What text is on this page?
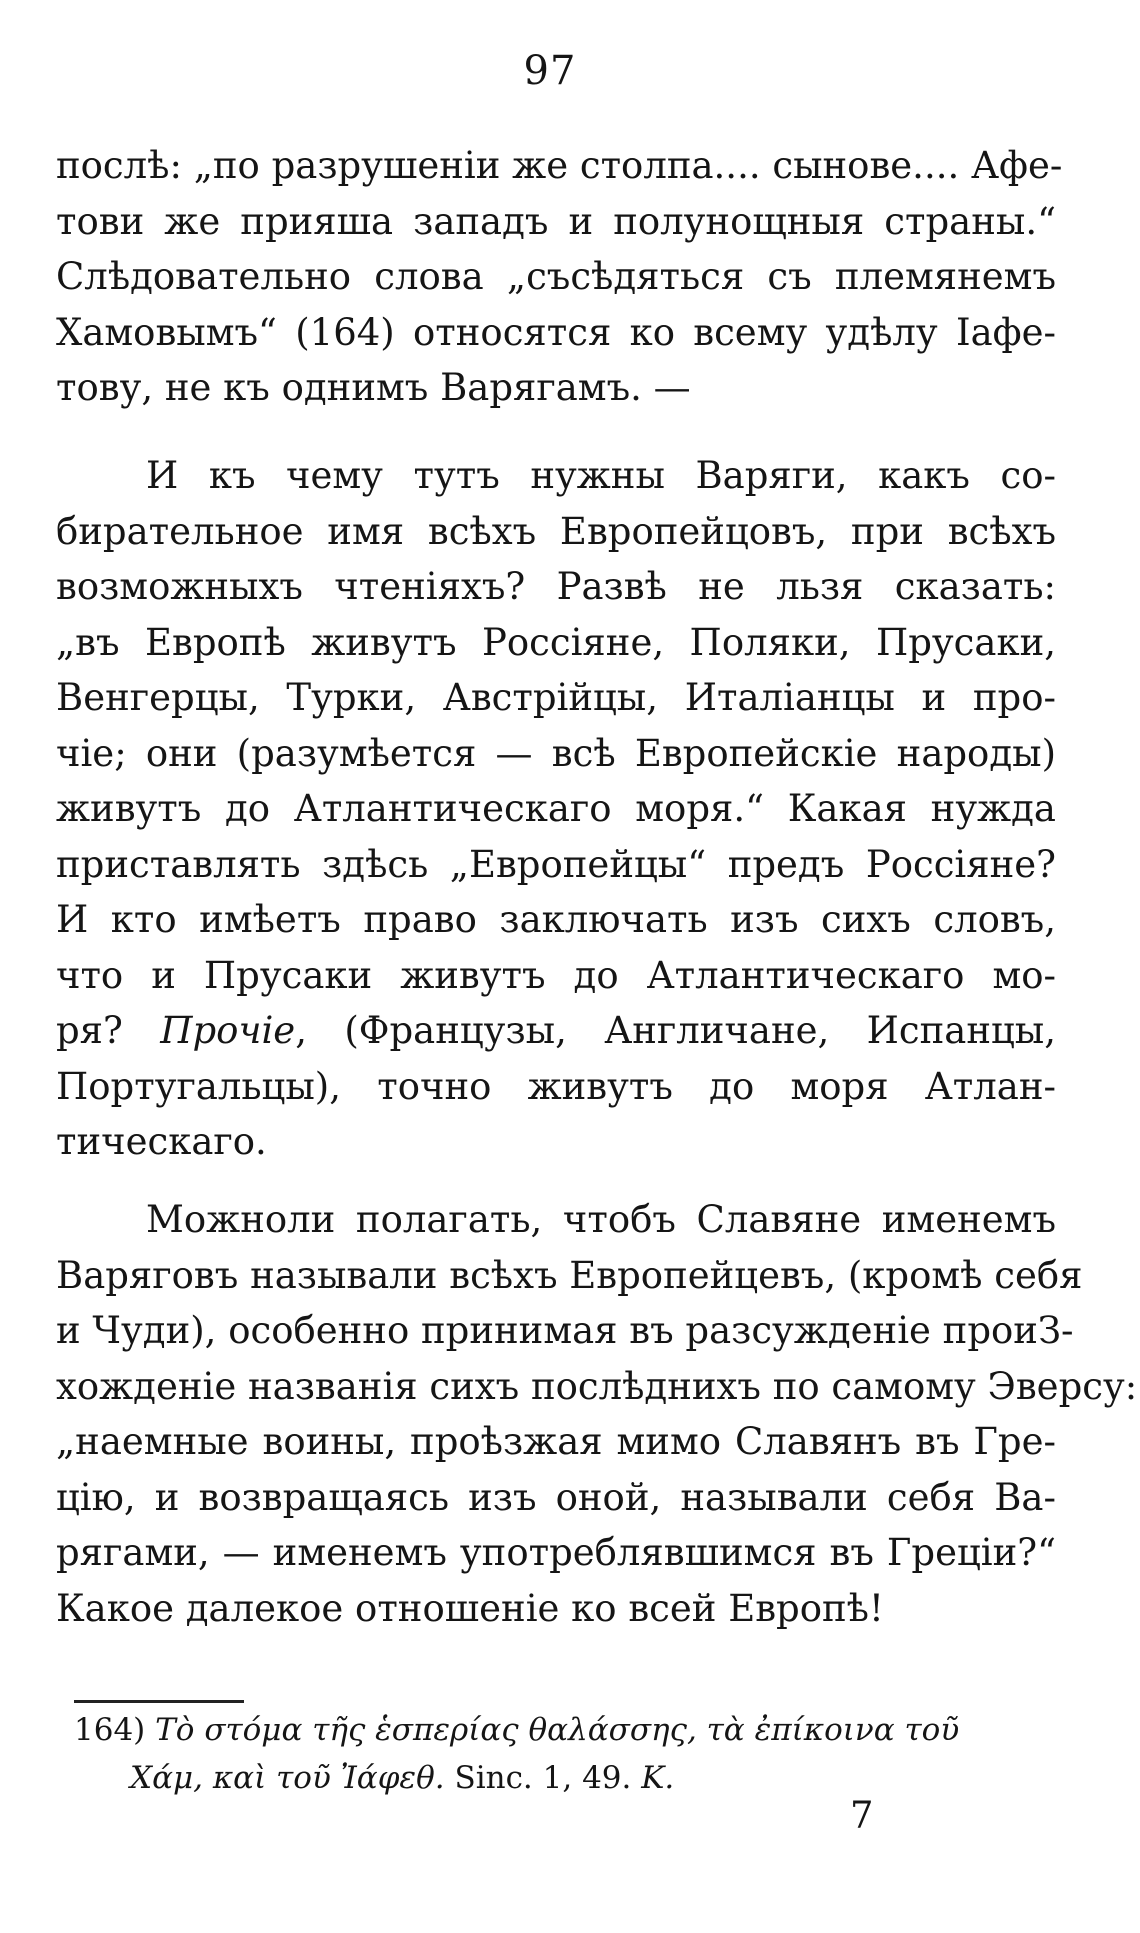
97
послѣ: „по разрушеніи же столпа.... сынове.... Афе-
тови же прияша западъ и полунощныя страны.“
Слѣдовательно слова „съсѣдяться съ племянемъ
Хамовымъ“ (164) относятся ко всему удѣлу Іафе-
тову, не къ однимъ Варягамъ. —
И къ чему тутъ нужны Варяги, какъ со-
бирательное имя всѣхъ Европейцовъ, при всѣхъ
возможныхъ чтеніяхъ? Развѣ не льзя сказать:
„въ Европѣ живутъ Россіяне, Поляки, Прусаки,
Венгерцы, Турки, Австрійцы, Италіанцы и про-
чіе; они (разумѣется — всѣ Европейскіе народы)
живутъ до Атлантическаго моря.“ Какая нужда
приставлять здѣсь „Европейцы“ предъ Россіяне?
И кто имѣетъ право заключать изъ сихъ словъ,
что и Прусаки живутъ до Атлантическаго мо-
ря? Прочіе, (Французы, Англичане, Испанцы,
Португальцы), точно живутъ до моря Атлан-
тическаго.
Можноли полагать, чтобъ Славяне именемъ
Варяговъ называли всѣхъ Европейцевъ, (кромѣ себя
и Чуди), особенно принимая въ разсужденіе проиЗ-
хожденіе названія сихъ послѣднихъ по самому Эверсу:
„наемные воины, проѣзжая мимо Славянъ въ Гре-
цію, и возвращаясь изъ оной, называли себя Ва-
рягами, — именемъ употреблявшимся въ Греціи?“
Какое далекое отношеніе ко всей Европѣ!
164) Τὸ στόμα τῆς ἑσπερίας θαλάσσης, τὰ ἐπίκοινα τοῦ
Χάμ, καὶ τοῦ Ἰάφεθ. Sinc. 1, 49. K.
7
